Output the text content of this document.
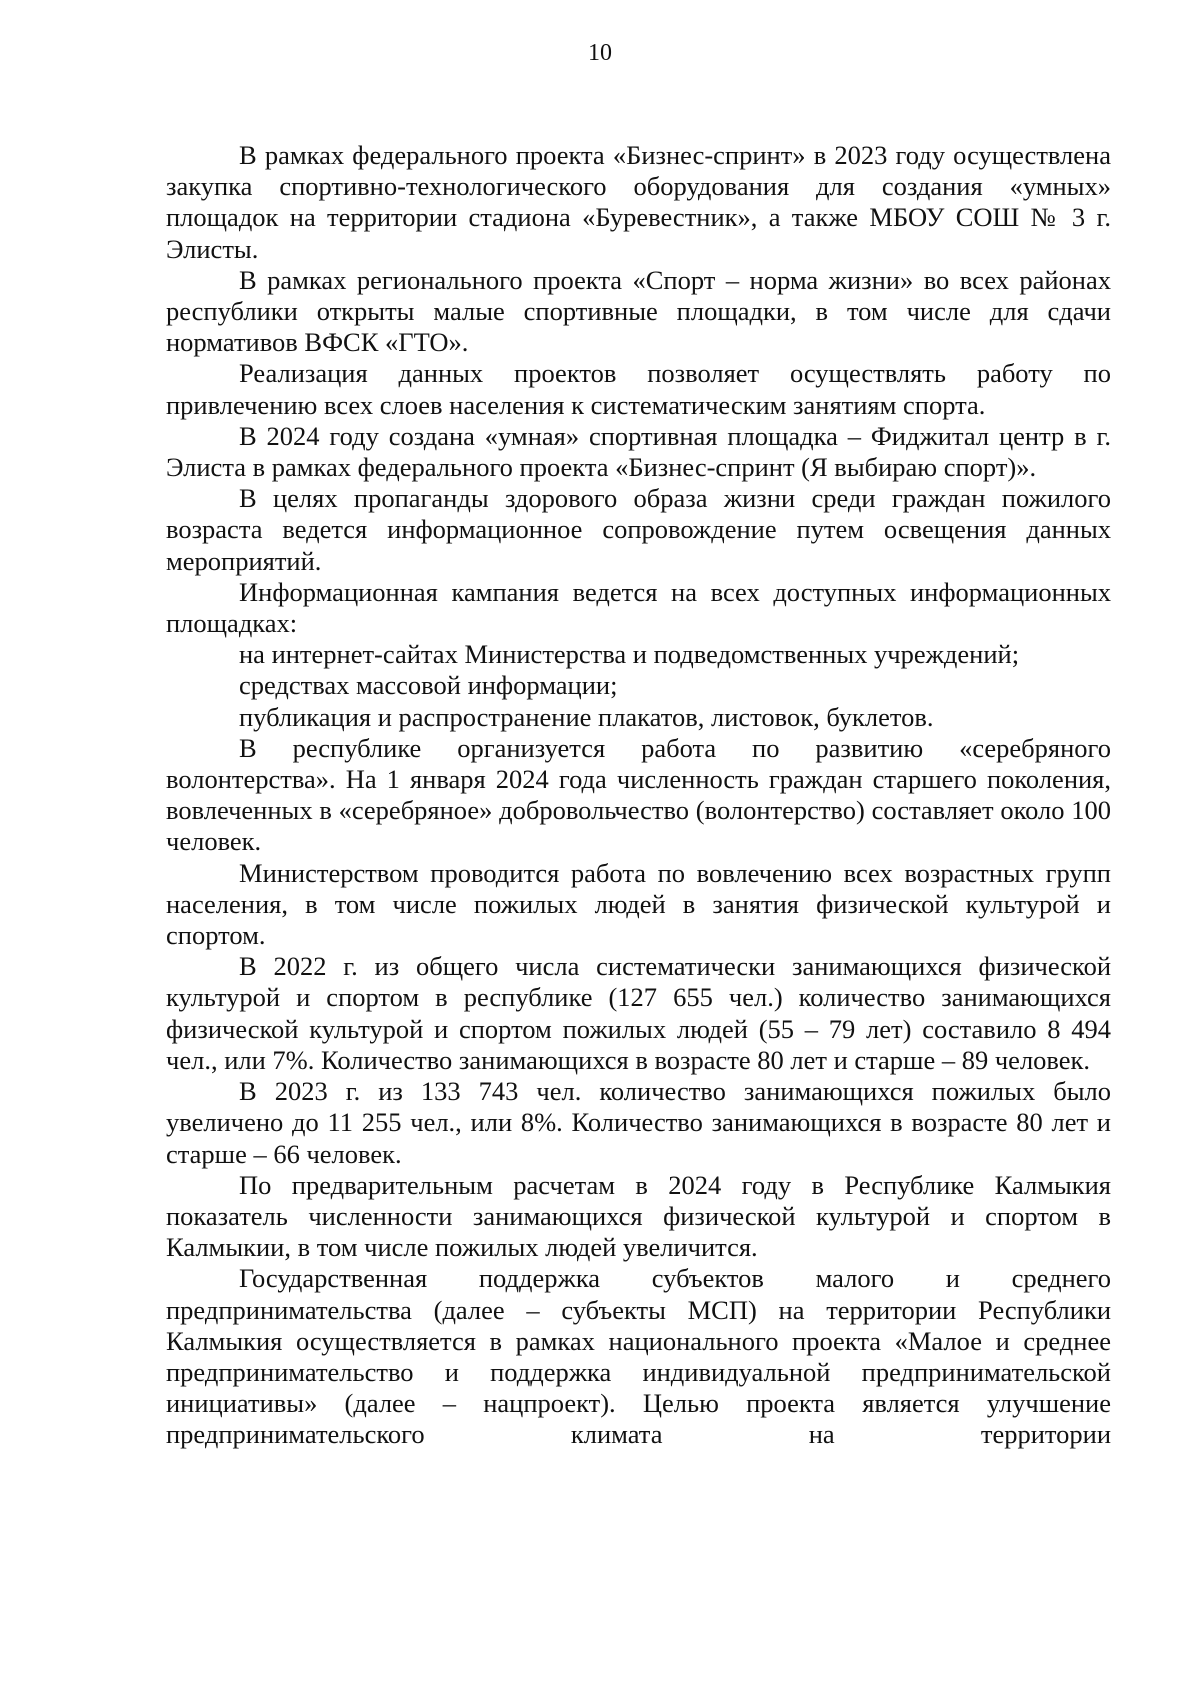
10

В рамках федерального проекта «Бизнес-спринт» в 2023 году осуществлена закупка спортивно-технологического оборудования для создания «умных» площадок на территории стадиона «Буревестник», а также МБОУ СОШ № 3 г. Элисты.

В рамках регионального проекта «Спорт – норма жизни» во всех районах республики открыты малые спортивные площадки, в том числе для сдачи нормативов ВФСК «ГТО».

Реализация данных проектов позволяет осуществлять работу по привлечению всех слоев населения к систематическим занятиям спорта.

В 2024 году создана «умная» спортивная площадка – Фиджитал центр в г. Элиста в рамках федерального проекта «Бизнес-спринт (Я выбираю спорт)».

В целях пропаганды здорового образа жизни среди граждан пожилого возраста ведется информационное сопровождение путем освещения данных мероприятий.

Информационная кампания ведется на всех доступных информационных площадках:

на интернет-сайтах Министерства и подведомственных учреждений;

средствах массовой информации;

публикация и распространение плакатов, листовок, буклетов.

В республике организуется работа по развитию «серебряного волонтерства». На 1 января 2024 года численность граждан старшего поколения, вовлеченных в «серебряное» добровольчество (волонтерство) составляет около 100 человек.

Министерством проводится работа по вовлечению всех возрастных групп населения, в том числе пожилых людей в занятия физической культурой и спортом.

В 2022 г. из общего числа систематически занимающихся физической культурой и спортом в республике (127 655 чел.) количество занимающихся физической культурой и спортом пожилых людей (55 – 79 лет) составило 8 494 чел., или 7%. Количество занимающихся в возрасте 80 лет и старше – 89 человек.

В 2023 г. из 133 743 чел. количество занимающихся пожилых было увеличено до 11 255 чел., или 8%. Количество занимающихся в возрасте 80 лет и старше – 66 человек.

По предварительным расчетам в 2024 году в Республике Калмыкия показатель численности занимающихся физической культурой и спортом в Калмыкии, в том числе пожилых людей увеличится.

Государственная поддержка субъектов малого и среднего предпринимательства (далее – субъекты МСП) на территории Республики Калмыкия осуществляется в рамках национального проекта «Малое и среднее предпринимательство и поддержка индивидуальной предпринимательской инициативы» (далее – нацпроект). Целью проекта является улучшение предпринимательского климата на территории
